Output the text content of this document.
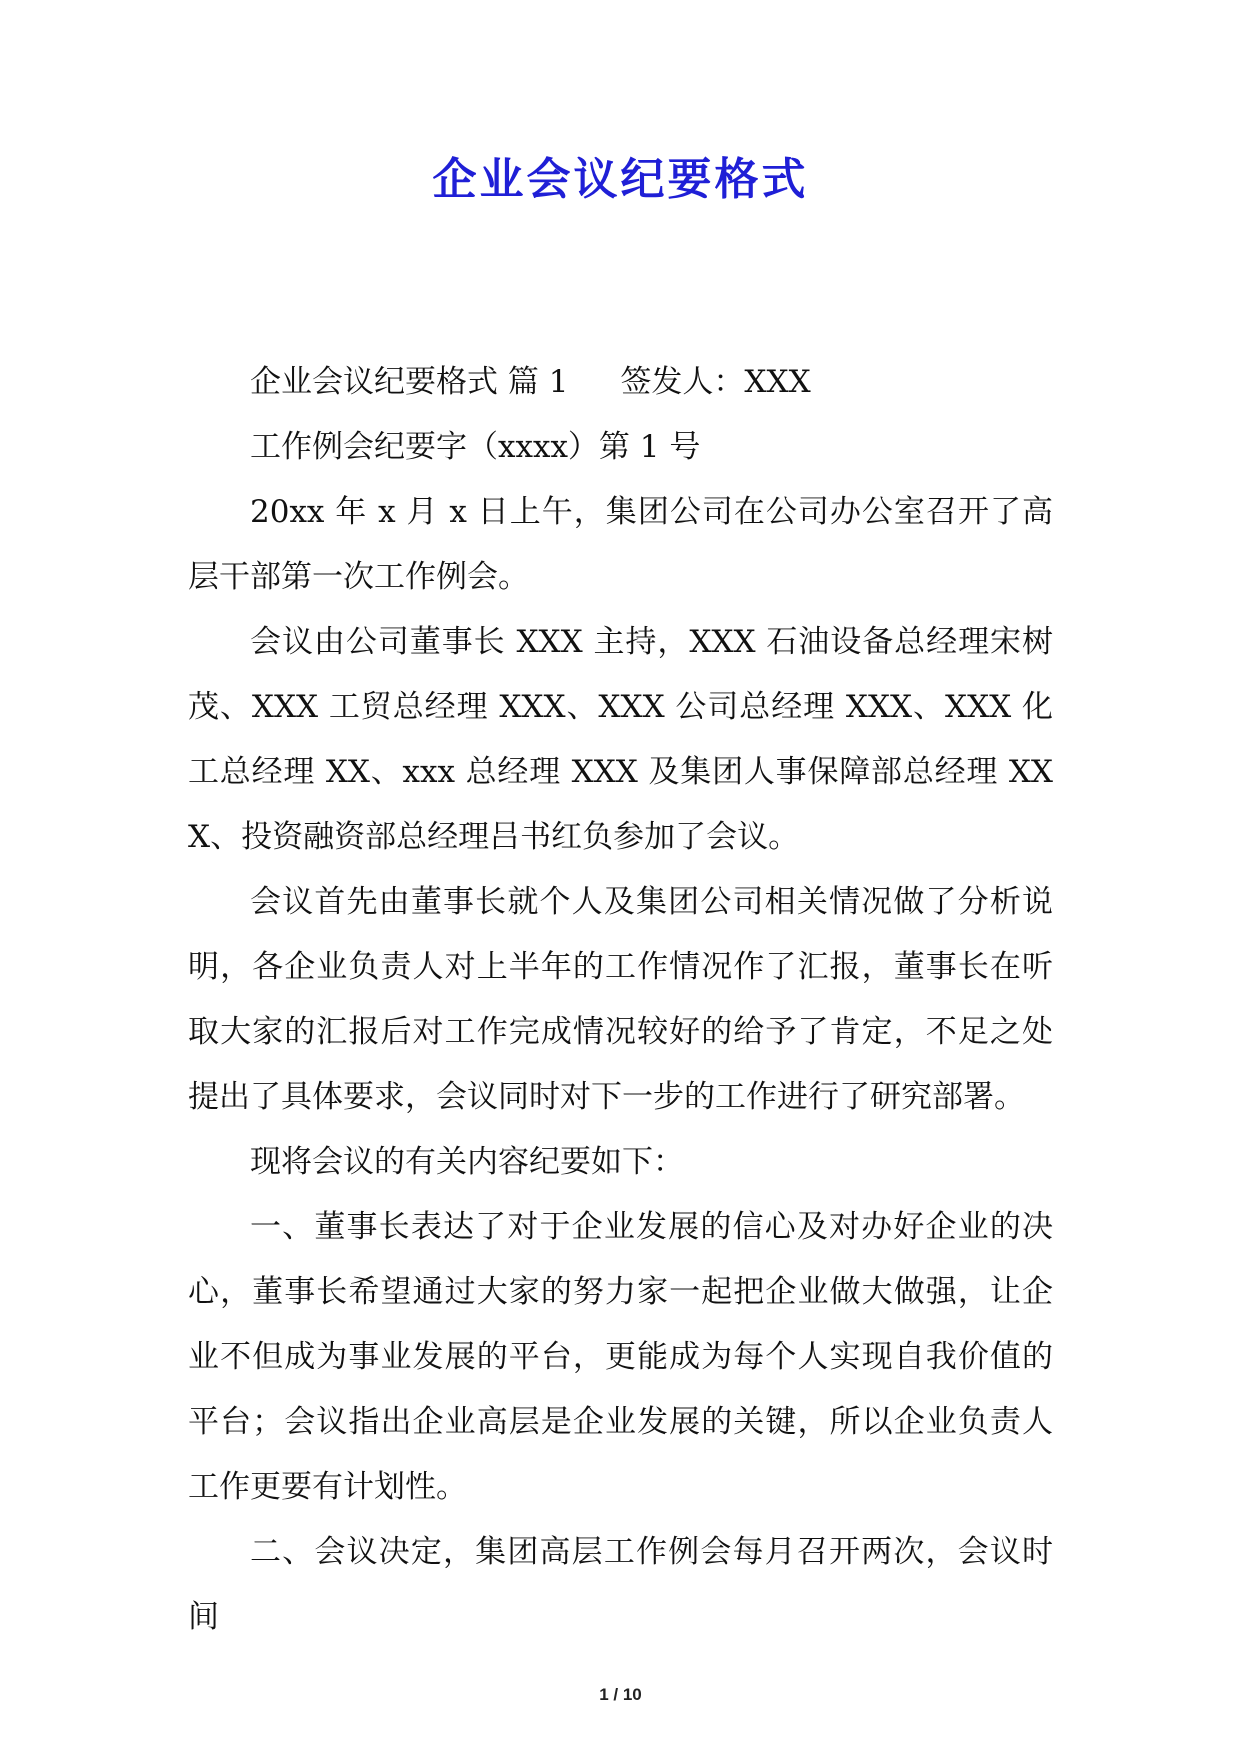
企业会议纪要格式

企业会议纪要格式 篇 1 签发人：XXX

工作例会纪要字（xxxx）第 1 号

20xx 年 x 月 x 日上午，集团公司在公司办公室召开了高层干部第一次工作例会。

会议由公司董事长 XXX 主持，XXX 石油设备总经理宋树茂、XXX 工贸总经理 XXX、XXX 公司总经理 XXX、XXX 化工总经理 XX、xxx 总经理 XXX 及集团人事保障部总经理 XXX、投资融资部总经理吕书红负参加了会议。

会议首先由董事长就个人及集团公司相关情况做了分析说明，各企业负责人对上半年的工作情况作了汇报，董事长在听取大家的汇报后对工作完成情况较好的给予了肯定，不足之处提出了具体要求，会议同时对下一步的工作进行了研究部署。

现将会议的有关内容纪要如下：

一、董事长表达了对于企业发展的信心及对办好企业的决心，董事长希望通过大家的努力家一起把企业做大做强，让企业不但成为事业发展的平台，更能成为每个人实现自我价值的平台；会议指出企业高层是企业发展的关键，所以企业负责人工作更要有计划性。

二、会议决定，集团高层工作例会每月召开两次，会议时间

1 / 10
